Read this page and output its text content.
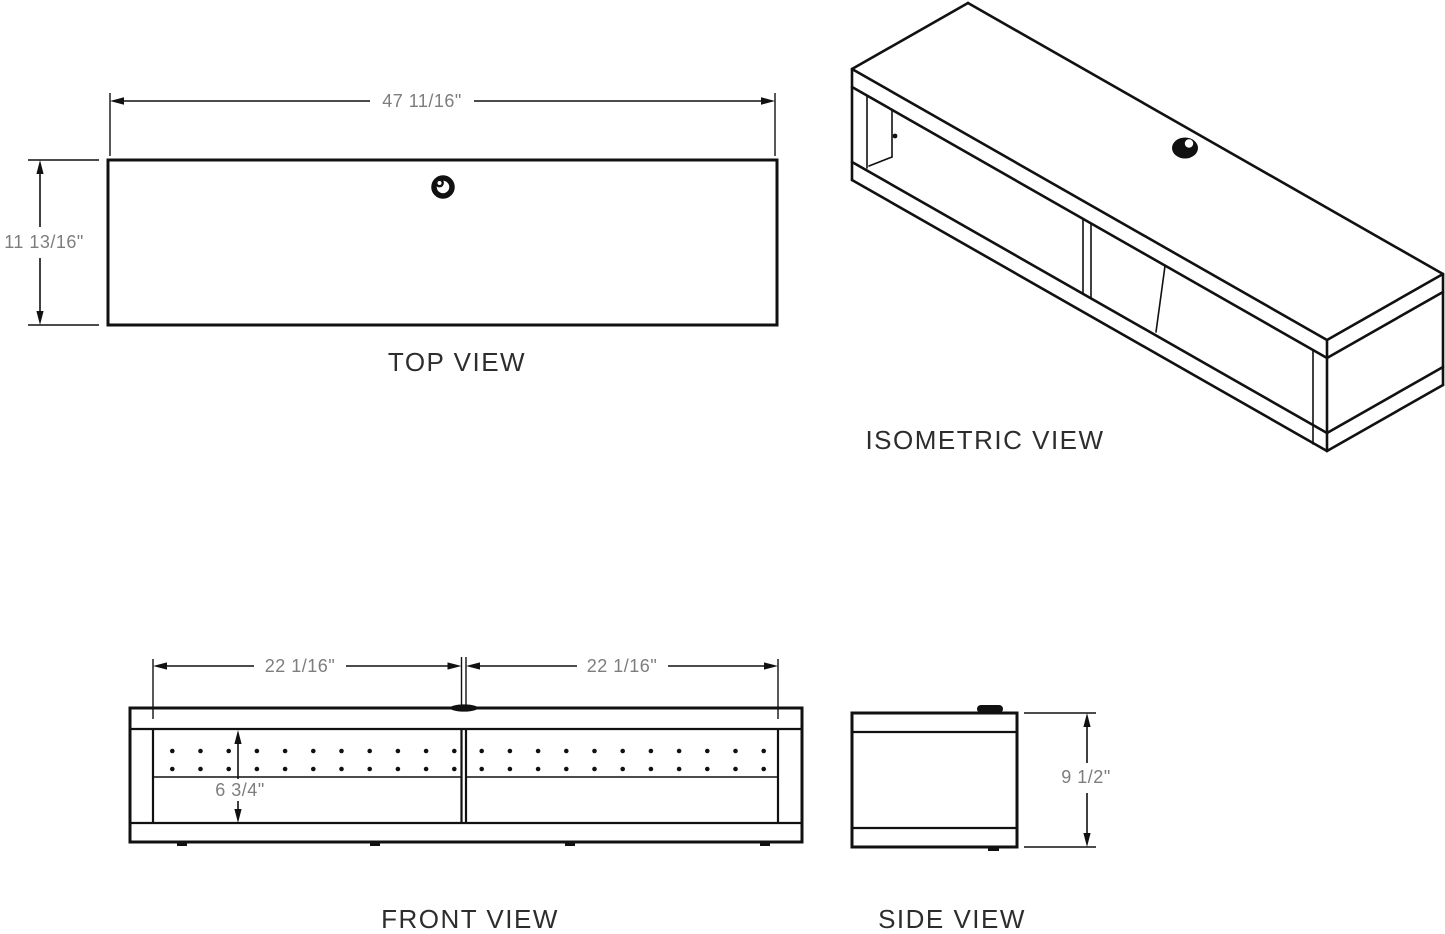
47 11/16"
11 13/16"
TOP VIEW
ISOMETRIC VIEW
22 1/16"	22 1/16"
6 3/4"
FRONT VIEW
9 1/2"
SIDE VIEW
